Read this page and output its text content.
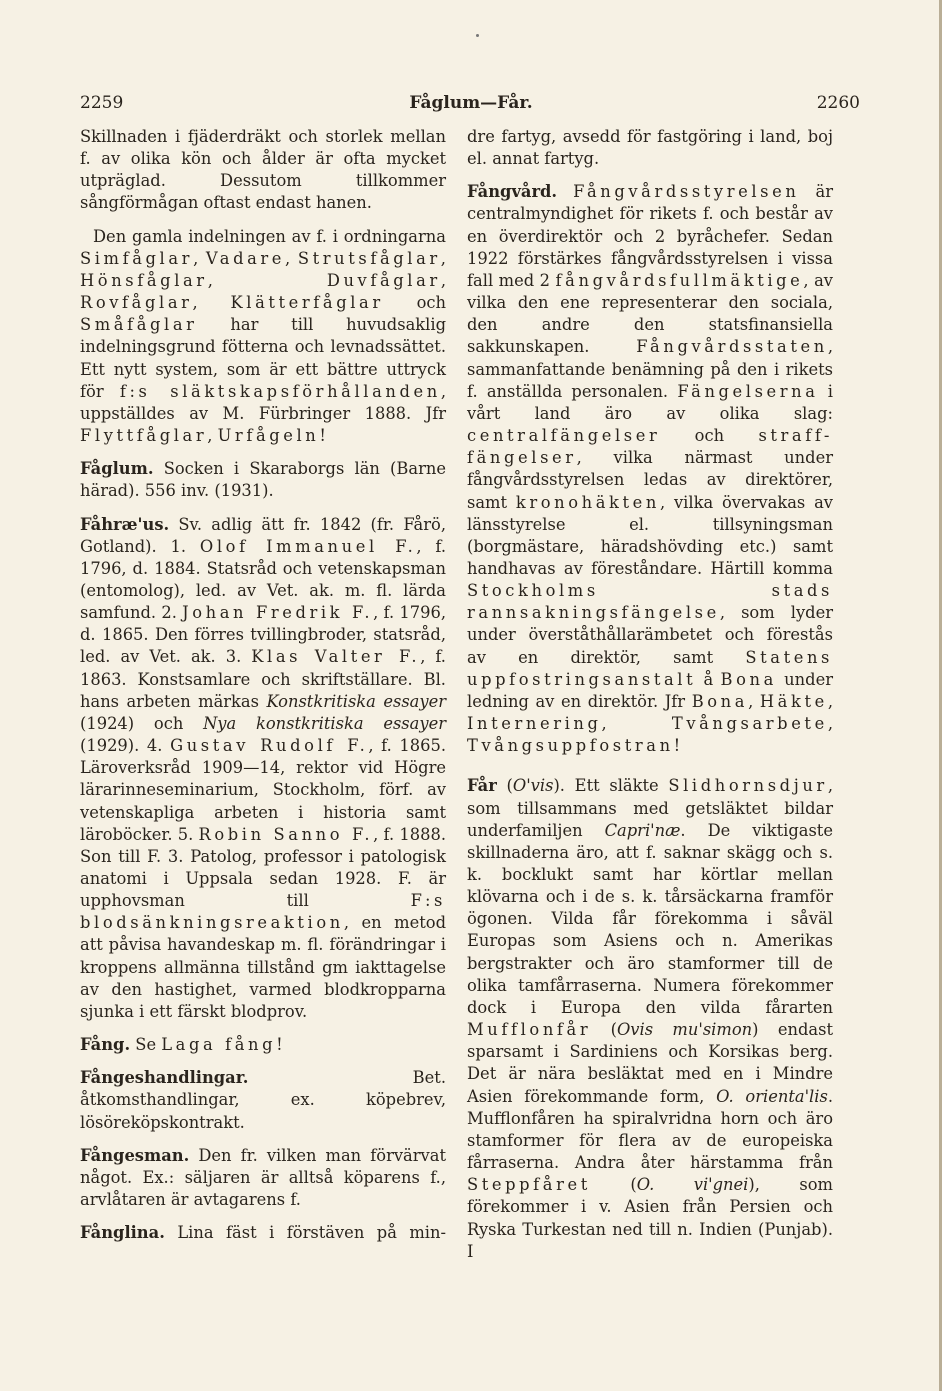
2259	Fåglum—Får.	2260

Skillnaden i fjäderdräkt och storlek mellan f. av olika kön och ålder är ofta mycket utpräglad. Dessutom tillkommer sångförmågan oftast endast hanen.

Den gamla indelningen av f. i ordningarna Simfåglar, Vadare, Strutsfåglar, Hönsfåglar, Duvfåglar, Rovfåglar, Klätterfåglar och Småfåglar har till huvudsaklig indelningsgrund fötterna och levnadssättet. Ett nytt system, som är ett bättre uttryck för f:s släktskapsförhållanden, uppställdes av M. Fürbringer 1888. Jfr Flyttfåglar, Urfågeln!

Fåglum. Socken i Skaraborgs län (Barne härad). 556 inv. (1931).

Fåhræ'us. Sv. adlig ätt fr. 1842 (fr. Fårö, Gotland). 1. Olof Immanuel F., f. 1796, d. 1884. Statsråd och vetenskapsman (entomolog), led. av Vet. ak. m. fl. lärda samfund. 2. Johan Fredrik F., f. 1796, d. 1865. Den förres tvillingbroder, statsråd, led. av Vet. ak. 3. Klas Valter F., f. 1863. Konstsamlare och skriftställare. Bl. hans arbeten märkas Konstkritiska essayer (1924) och Nya konstkritiska essayer (1929). 4. Gustav Rudolf F., f. 1865. Läroverksråd 1909—14, rektor vid Högre lärarinneseminarium, Stockholm, förf. av vetenskapliga arbeten i historia samt läroböcker. 5. Robin Sanno F., f. 1888. Son till F. 3. Patolog, professor i patologisk anatomi i Uppsala sedan 1928. F. är upphovsman till F:s blodsänkningsreaktion, en metod att påvisa havandeskap m. fl. förändringar i kroppens allmänna tillstånd gm iakttagelse av den hastighet, varmed blodkropparna sjunka i ett färskt blodprov.

Fång. Se Laga fång!

Fångeshandlingar. Bet. åtkomsthandlingar, ex. köpebrev, lösöreköpskontrakt.

Fångesman. Den fr. vilken man förvärvat något. Ex.: säljaren är alltså köparens f., arvlåtaren är avtagarens f.

Fånglina. Lina fäst i förstäven på min-

dre fartyg, avsedd för fastgöring i land, boj el. annat fartyg.

Fångvård. Fångvårdsstyrelsen är centralmyndighet för rikets f. och består av en överdirektör och 2 byråchefer. Sedan 1922 förstärkes fångvårdsstyrelsen i vissa fall med 2 fångvårdsfullmäktige, av vilka den ene representerar den sociala, den andre den statsfinansiella sakkunskapen. Fångvårdsstaten, sammanfattande benämning på den i rikets f. anställda personalen. Fängelserna i vårt land äro av olika slag: centralfängelser och straff-fängelser, vilka närmast under fångvårdsstyrelsen ledas av direktörer, samt kronohäkten, vilka övervakas av länsstyrelse el. tillsyningsman (borgmästare, häradshövding etc.) samt handhavas av föreståndare. Härtill komma Stockholms stads rannsakningsfängelse, som lyder under överståthållarämbetet och förestås av en direktör, samt Statens uppfostringsanstalt å Bona under ledning av en direktör. Jfr Bona, Häkte, Internering, Tvångsarbete, Tvångsuppfostran!

Får (O'vis). Ett släkte Slidhornsdjur, som tillsammans med getsläktet bildar underfamiljen Capri'næ. De viktigaste skillnaderna äro, att f. saknar skägg och s. k. bocklukt samt har körtlar mellan klövarna och i de s. k. tårsäckarna framför ögonen. Vilda får förekomma i såväl Europas som Asiens och n. Amerikas bergstrakter och äro stamformer till de olika tamfårraserna. Numera förekommer dock i Europa den vilda fårarten Mufflonfår (Ovis mu'simon) endast sparsamt i Sardiniens och Korsikas berg. Det är nära besläktat med en i Mindre Asien förekommande form, O. orienta'lis. Mufflonfåren ha spiralvridna horn och äro stamformer för flera av de europeiska fårraserna. Andra åter härstamma från Steppfåret (O. vi'gnei), som förekommer i v. Asien från Persien och Ryska Turkestan ned till n. Indien (Punjab). I
